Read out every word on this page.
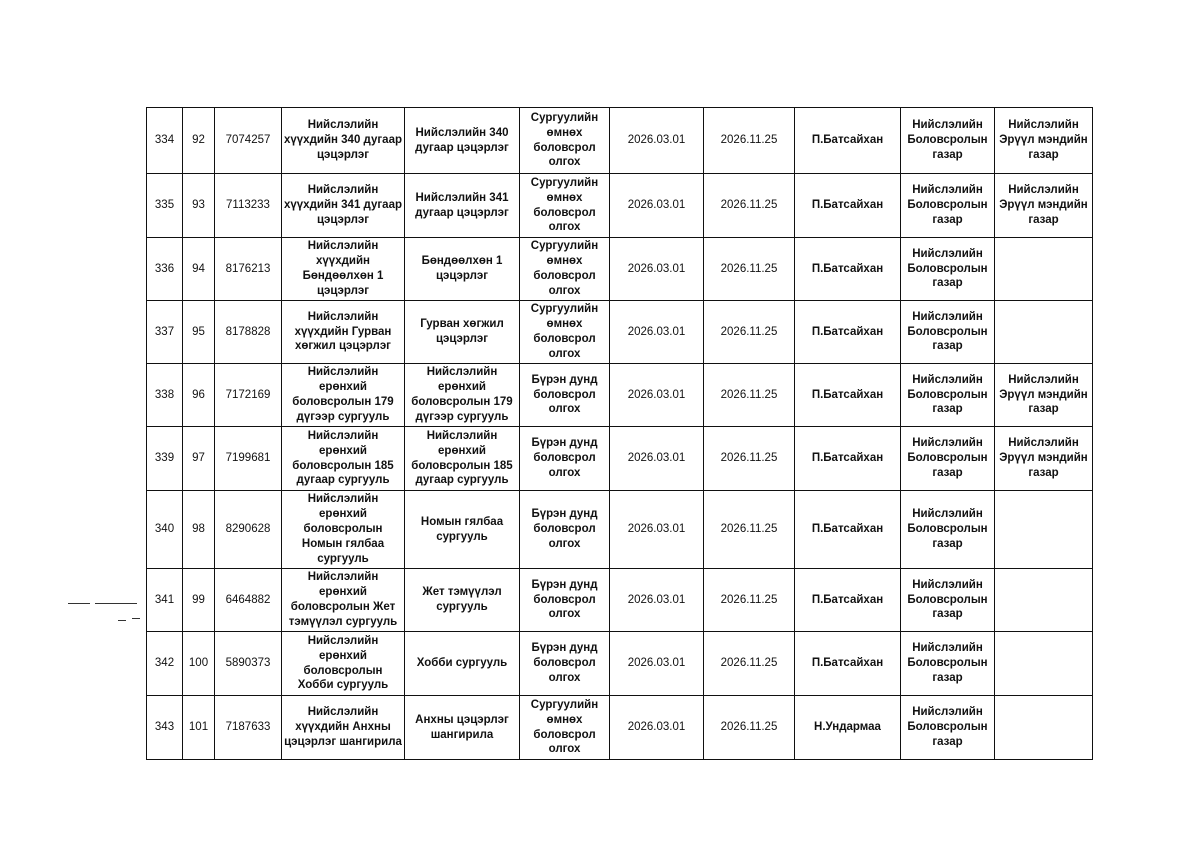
334	92	7074257	Нийслэлийн хүүхдийн 340 дугаар цэцэрлэг	Нийслэлийн 340 дугаар цэцэрлэг	Сургуулийн өмнөх боловсрол олгох	2026.03.01	2026.11.25	П.Батсайхан	Нийслэлийн Боловсролын газар	Нийслэлийн Эрүүл мэндийн газар
335	93	7113233	Нийслэлийн хүүхдийн 341 дугаар цэцэрлэг	Нийслэлийн 341 дугаар цэцэрлэг	Сургуулийн өмнөх боловсрол олгох	2026.03.01	2026.11.25	П.Батсайхан	Нийслэлийн Боловсролын газар	Нийслэлийн Эрүүл мэндийн газар
336	94	8176213	Нийслэлийн хүүхдийн Бөндөөлхөн 1 цэцэрлэг	Бөндөөлхөн 1 цэцэрлэг	Сургуулийн өмнөх боловсрол олгох	2026.03.01	2026.11.25	П.Батсайхан	Нийслэлийн Боловсролын газар	
337	95	8178828	Нийслэлийн хүүхдийн Гурван хөгжил цэцэрлэг	Гурван хөгжил цэцэрлэг	Сургуулийн өмнөх боловсрол олгох	2026.03.01	2026.11.25	П.Батсайхан	Нийслэлийн Боловсролын газар	
338	96	7172169	Нийслэлийн ерөнхий боловсролын 179 дүгээр сургууль	Нийслэлийн ерөнхий боловсролын 179 дүгээр сургууль	Бүрэн дунд боловсрол олгох	2026.03.01	2026.11.25	П.Батсайхан	Нийслэлийн Боловсролын газар	Нийслэлийн Эрүүл мэндийн газар
339	97	7199681	Нийслэлийн ерөнхий боловсролын 185 дугаар сургууль	Нийслэлийн ерөнхий боловсролын 185 дугаар сургууль	Бүрэн дунд боловсрол олгох	2026.03.01	2026.11.25	П.Батсайхан	Нийслэлийн Боловсролын газар	Нийслэлийн Эрүүл мэндийн газар
340	98	8290628	Нийслэлийн ерөнхий боловсролын Номын гялбаа сургууль	Номын гялбаа сургууль	Бүрэн дунд боловсрол олгох	2026.03.01	2026.11.25	П.Батсайхан	Нийслэлийн Боловсролын газар	
341	99	6464882	Нийслэлийн ерөнхий боловсролын Жет тэмүүлэл сургууль	Жет тэмүүлэл сургууль	Бүрэн дунд боловсрол олгох	2026.03.01	2026.11.25	П.Батсайхан	Нийслэлийн Боловсролын газар	
342	100	5890373	Нийслэлийн ерөнхий боловсролын Хобби сургууль	Хобби сургууль	Бүрэн дунд боловсрол олгох	2026.03.01	2026.11.25	П.Батсайхан	Нийслэлийн Боловсролын газар	
343	101	7187633	Нийслэлийн хүүхдийн Анхны цэцэрлэг шангирила	Анхны цэцэрлэг шангирила	Сургуулийн өмнөх боловсрол олгох	2026.03.01	2026.11.25	Н.Ундармаа	Нийслэлийн Боловсролын газар	
